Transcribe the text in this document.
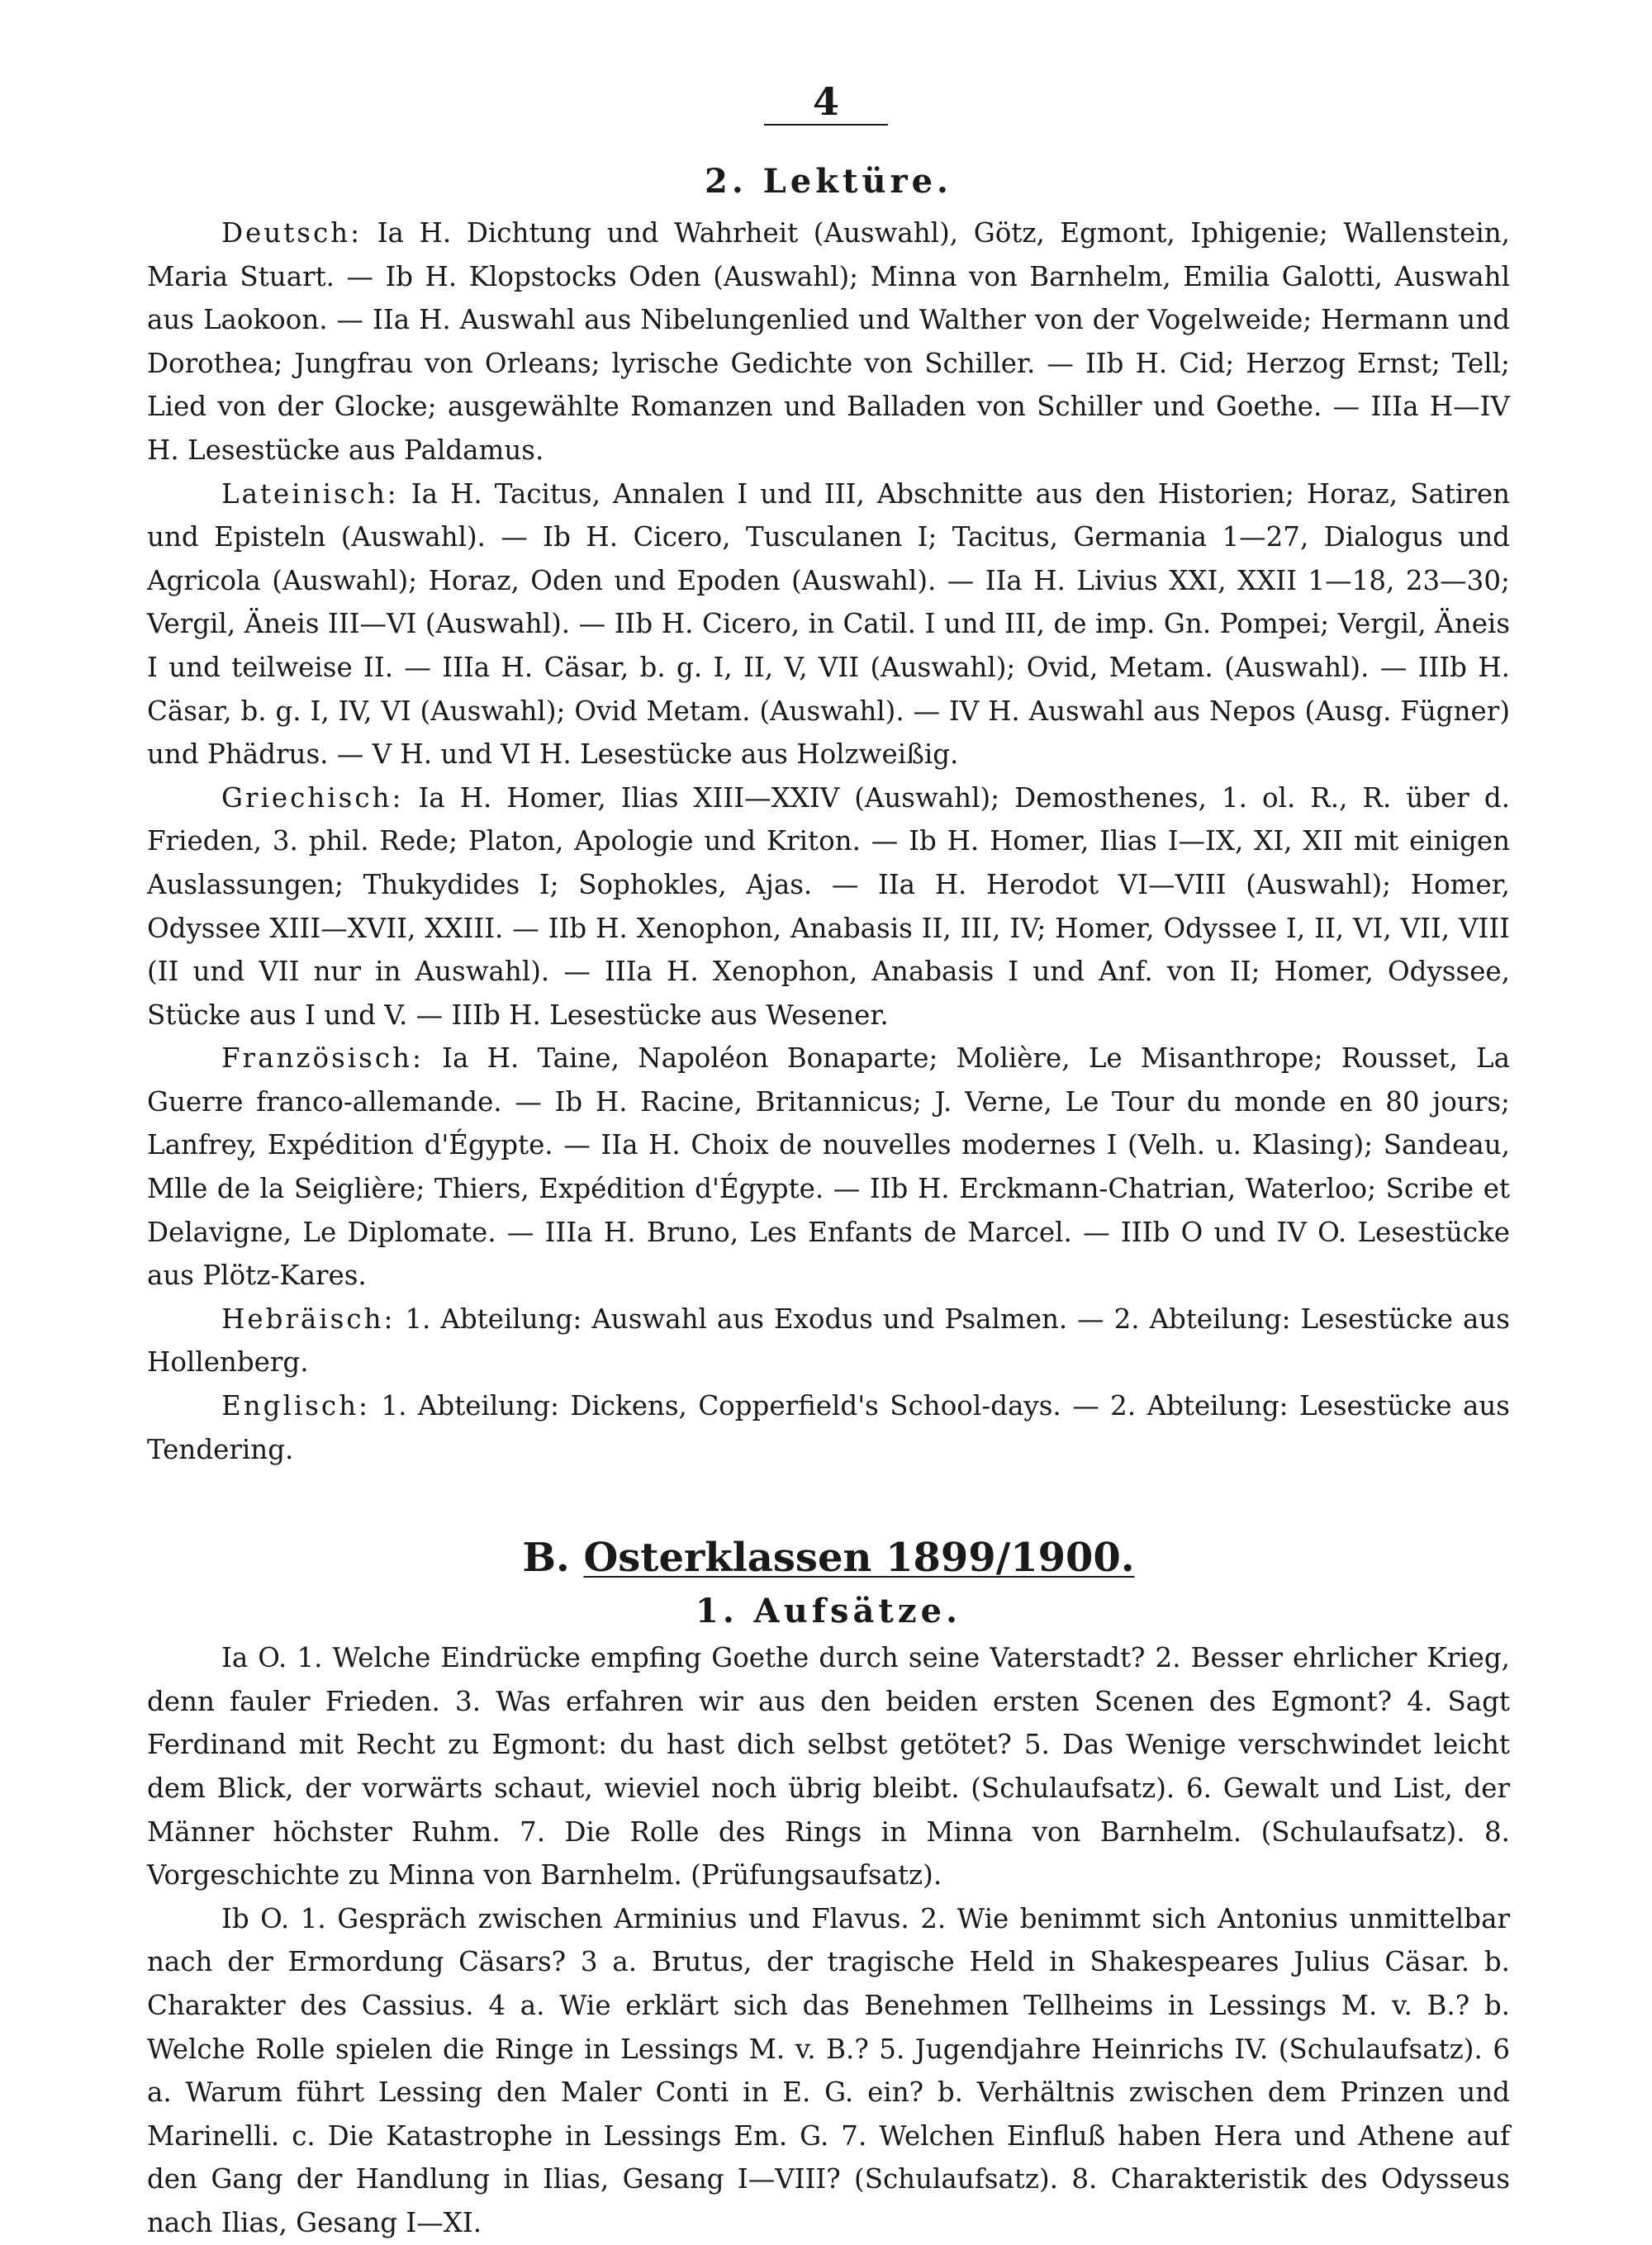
4
2. Lektüre.

Deutsch: Ia H. Dichtung und Wahrheit (Auswahl), Götz, Egmont, Iphigenie; Wallenstein, Maria Stuart. — Ib H. Klopstocks Oden (Auswahl); Minna von Barnhelm, Emilia Galotti, Auswahl aus Laokoon. — IIa H. Auswahl aus Nibelungenlied und Walther von der Vogelweide; Hermann und Dorothea; Jungfrau von Orleans; lyrische Gedichte von Schiller. — IIb H. Cid; Herzog Ernst; Tell; Lied von der Glocke; ausgewählte Romanzen und Balladen von Schiller und Goethe. — IIIa H—IV H. Lesestücke aus Paldamus.

Lateinisch: Ia H. Tacitus, Annalen I und III, Abschnitte aus den Historien; Horaz, Satiren und Episteln (Auswahl). — Ib H. Cicero, Tusculanen I; Tacitus, Germania 1—27, Dialogus und Agricola (Auswahl); Horaz, Oden und Epoden (Auswahl). — IIa H. Livius XXI, XXII 1—18, 23—30; Vergil, Äneis III—VI (Auswahl). — IIb H. Cicero, in Catil. I und III, de imp. Gn. Pompei; Vergil, Äneis I und teilweise II. — IIIa H. Cäsar, b. g. I, II, V, VII (Auswahl); Ovid, Metam. (Auswahl). — IIIb H. Cäsar, b. g. I, IV, VI (Auswahl); Ovid Metam. (Auswahl). — IV H. Auswahl aus Nepos (Ausg. Fügner) und Phädrus. — V H. und VI H. Lesestücke aus Holzweißig.

Griechisch: Ia H. Homer, Ilias XIII—XXIV (Auswahl); Demosthenes, 1. ol. R., R. über d. Frieden, 3. phil. Rede; Platon, Apologie und Kriton. — Ib H. Homer, Ilias I—IX, XI, XII mit einigen Auslassungen; Thukydides I; Sophokles, Ajas. — IIa H. Herodot VI—VIII (Auswahl); Homer, Odyssee XIII—XVII, XXIII. — IIb H. Xenophon, Anabasis II, III, IV; Homer, Odyssee I, II, VI, VII, VIII (II und VII nur in Auswahl). — IIIa H. Xenophon, Anabasis I und Anf. von II; Homer, Odyssee, Stücke aus I und V. — IIIb H. Lesestücke aus Wesener.

Französisch: Ia H. Taine, Napoléon Bonaparte; Molière, Le Misanthrope; Rousset, La Guerre franco-allemande. — Ib H. Racine, Britannicus; J. Verne, Le Tour du monde en 80 jours; Lanfrey, Expédition d'Égypte. — IIa H. Choix de nouvelles modernes I (Velh. u. Klasing); Sandeau, Mlle de la Seiglière; Thiers, Expédition d'Égypte. — IIb H. Erckmann-Chatrian, Waterloo; Scribe et Delavigne, Le Diplomate. — IIIa H. Bruno, Les Enfants de Marcel. — IIIb O und IV O. Lesestücke aus Plötz-Kares.

Hebräisch: 1. Abteilung: Auswahl aus Exodus und Psalmen. — 2. Abteilung: Lesestücke aus Hollenberg.

Englisch: 1. Abteilung: Dickens, Copperfield's School-days. — 2. Abteilung: Lesestücke aus Tendering.

B. Osterklassen 1899/1900.
1. Aufsätze.

Ia O. 1. Welche Eindrücke empfing Goethe durch seine Vaterstadt? 2. Besser ehrlicher Krieg, denn fauler Frieden. 3. Was erfahren wir aus den beiden ersten Scenen des Egmont? 4. Sagt Ferdinand mit Recht zu Egmont: du hast dich selbst getötet? 5. Das Wenige verschwindet leicht dem Blick, der vorwärts schaut, wieviel noch übrig bleibt. (Schulaufsatz). 6. Gewalt und List, der Männer höchster Ruhm. 7. Die Rolle des Rings in Minna von Barnhelm. (Schulaufsatz). 8. Vorgeschichte zu Minna von Barnhelm. (Prüfungsaufsatz).

Ib O. 1. Gespräch zwischen Arminius und Flavus. 2. Wie benimmt sich Antonius unmittelbar nach der Ermordung Cäsars? 3 a. Brutus, der tragische Held in Shakespeares Julius Cäsar. b. Charakter des Cassius. 4 a. Wie erklärt sich das Benehmen Tellheims in Lessings M. v. B.? b. Welche Rolle spielen die Ringe in Lessings M. v. B.? 5. Jugendjahre Heinrichs IV. (Schulaufsatz). 6 a. Warum führt Lessing den Maler Conti in E. G. ein? b. Verhältnis zwischen dem Prinzen und Marinelli. c. Die Katastrophe in Lessings Em. G. 7. Welchen Einfluß haben Hera und Athene auf den Gang der Handlung in Ilias, Gesang I—VIII? (Schulaufsatz). 8. Charakteristik des Odysseus nach Ilias, Gesang I—XI.
